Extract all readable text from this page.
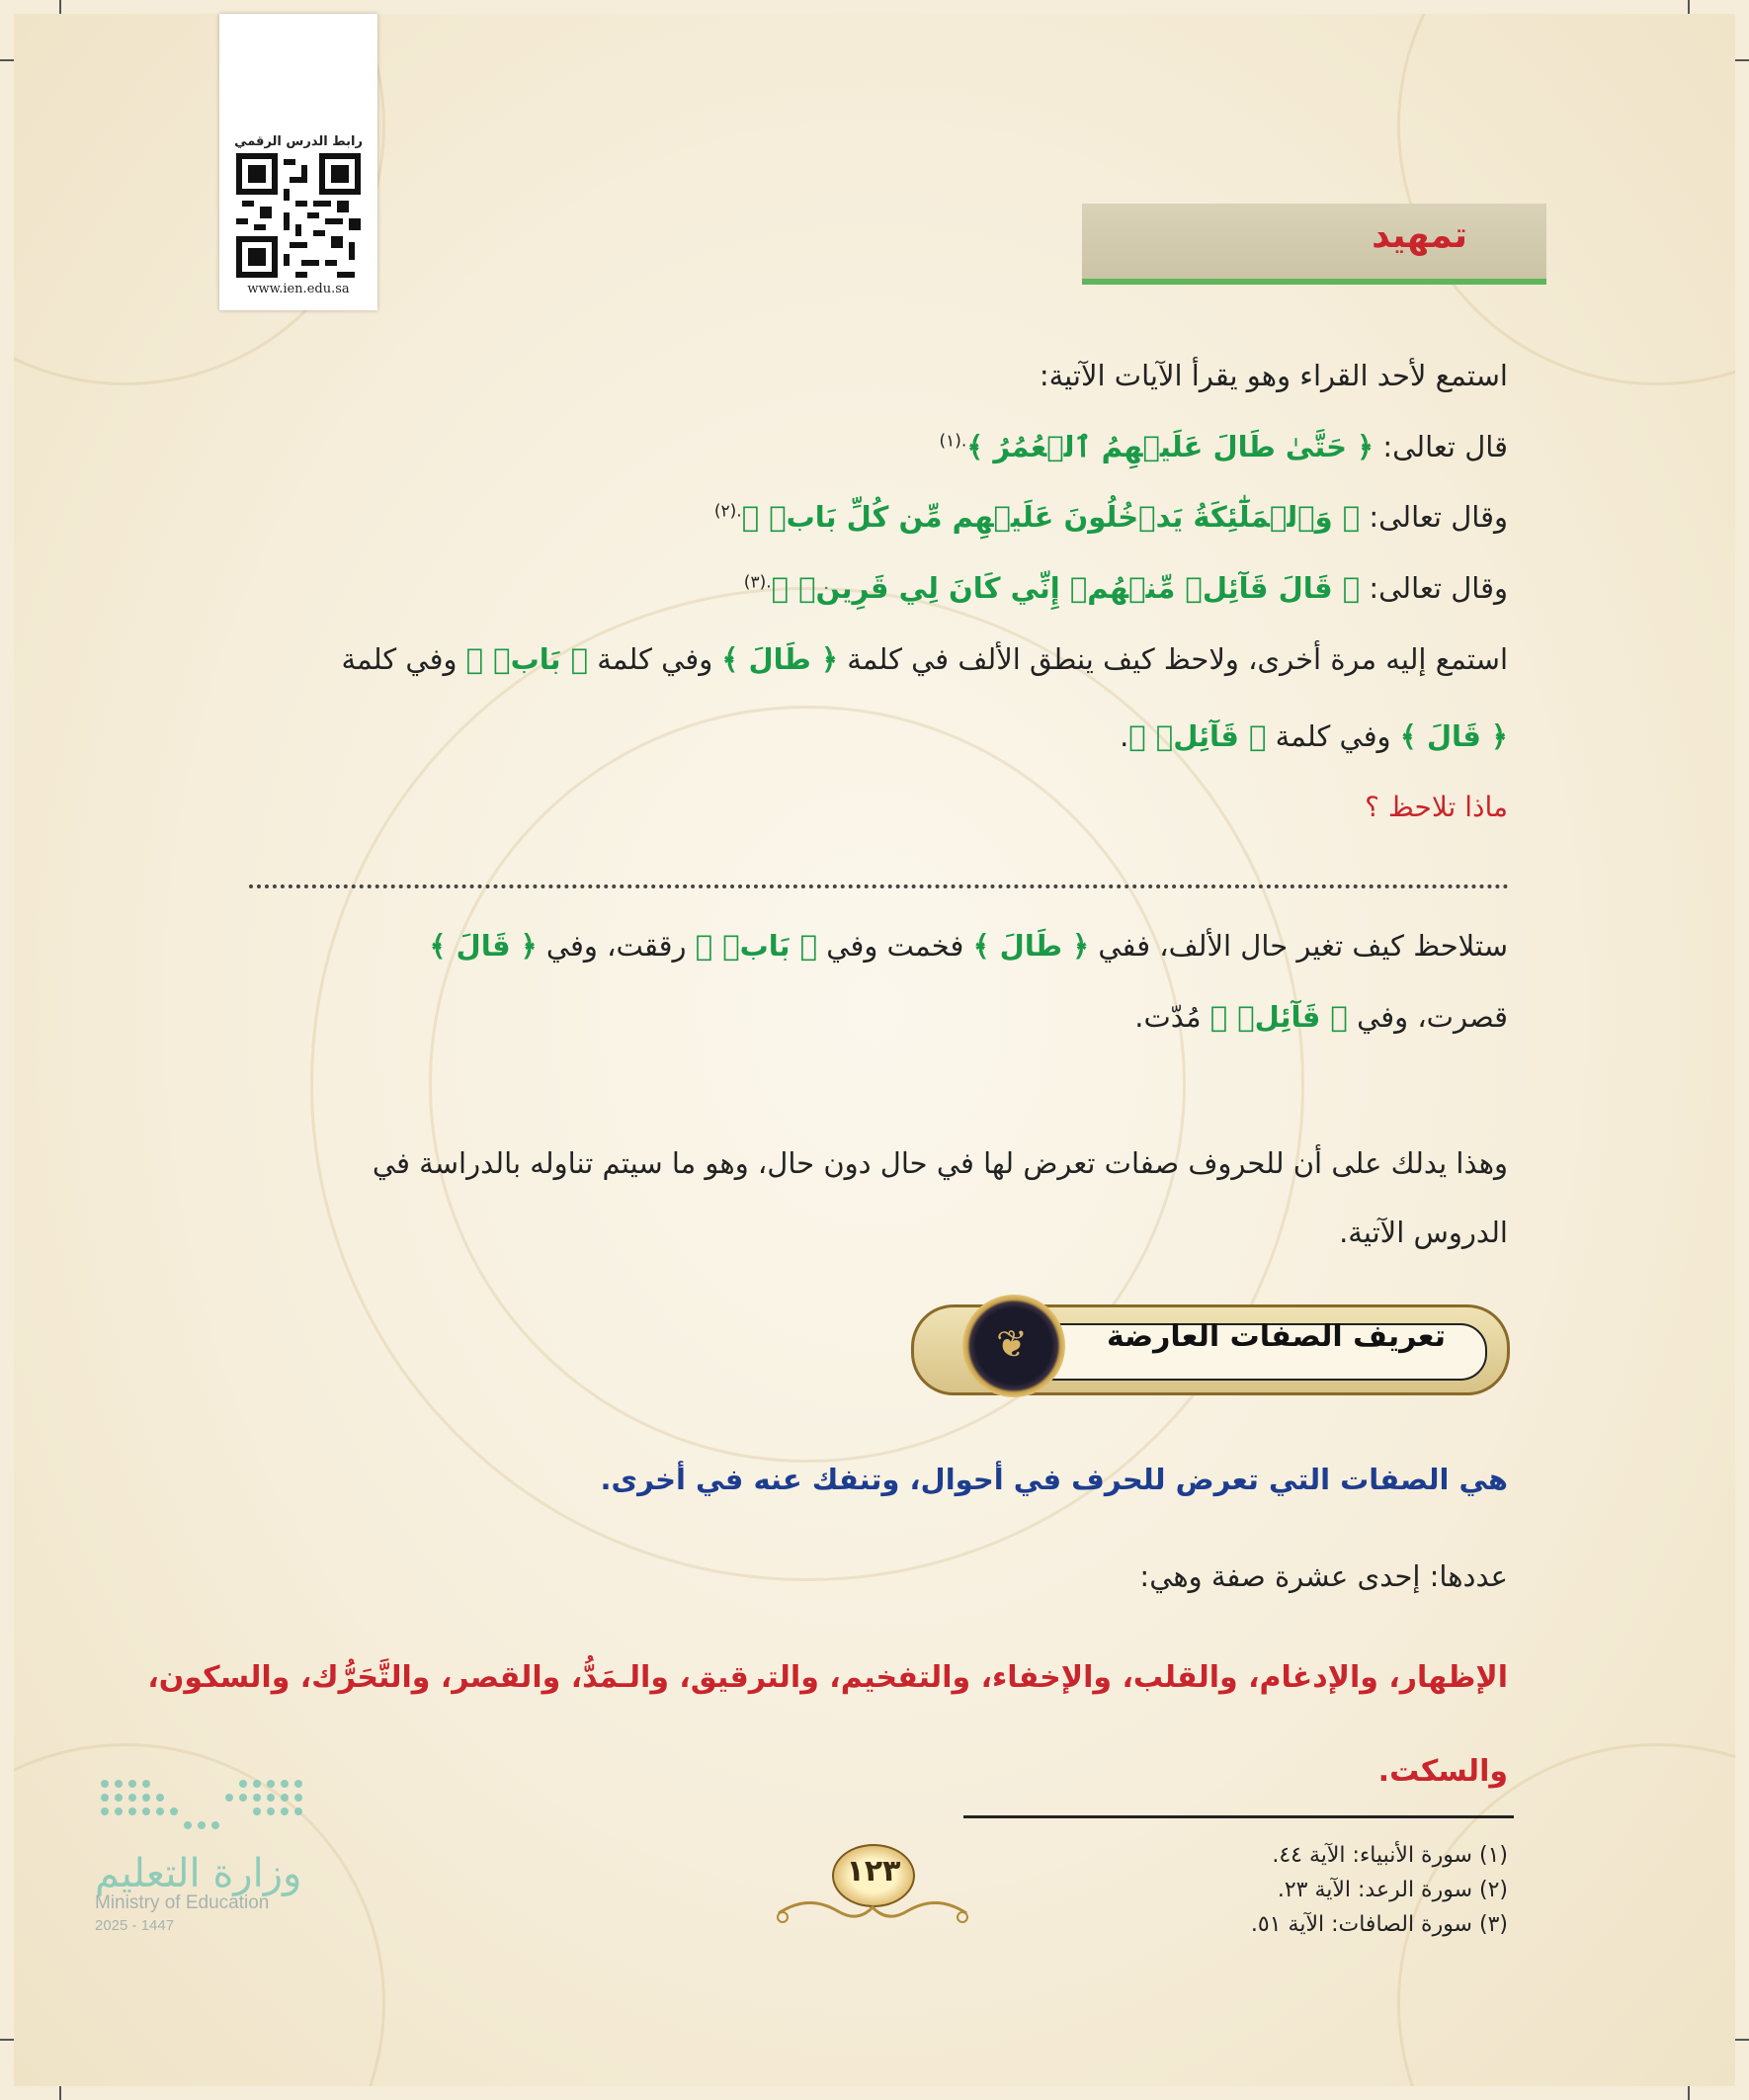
رابط الدرس الرقمي
www.ien.edu.sa
تمهيد
استمع لأحد القراء وهو يقرأ الآيات الآتية:
قال تعالى: ﴿ حَتَّىٰ طَالَ عَلَيۡهِمُ ٱلۡعُمُرُ ﴾$^{.(١)}$
وقال تعالى: ﴿ وَٱلۡمَلَٰٓئِكَةُ يَدۡخُلُونَ عَلَيۡهِم مِّن كُلِّ بَابٖ ﴾$^{.(٢)}$
وقال تعالى: ﴿ قَالَ قَآئِلٞ مِّنۡهُمۡ إِنِّي كَانَ لِي قَرِينٞ ﴾$^{.(٣)}$
استمع إليه مرة أخرى، ولاحظ كيف ينطق الألف في كلمة ﴿ طَالَ ﴾ وفي كلمة ﴿ بَابٖ ﴾ وفي كلمة
﴿ قَالَ ﴾ وفي كلمة ﴿ قَآئِلٞ ﴾.
ماذا تلاحظ ؟
ستلاحظ كيف تغير حال الألف، ففي ﴿ طَالَ ﴾ فخمت وفي ﴿ بَابٖ ﴾ رققت، وفي ﴿ قَالَ ﴾
قصرت، وفي ﴿ قَآئِلٞ ﴾ مُدّت.
وهذا يدلك على أن للحروف صفات تعرض لها في حال دون حال، وهو ما سيتم تناوله بالدراسة في
الدروس الآتية.
تعريف الصفات العارضة
❦
هي الصفات التي تعرض للحرف في أحوال، وتنفك عنه في أخرى.
عددها: إحدى عشرة صفة وهي:
الإظهار، والإدغام، والقلب، والإخفاء، والتفخيم، والترقيق، والـمَدُّ، والقصر، والتَّحَرُّك، والسكون،
والسكت.
(١) سورة الأنبياء: الآية ٤٤.
(٢) سورة الرعد: الآية ٢٣.
(٣) سورة الصافات: الآية ٥١.
١٢٣
وزارة التعليم
Ministry of Education
2025 - 1447
